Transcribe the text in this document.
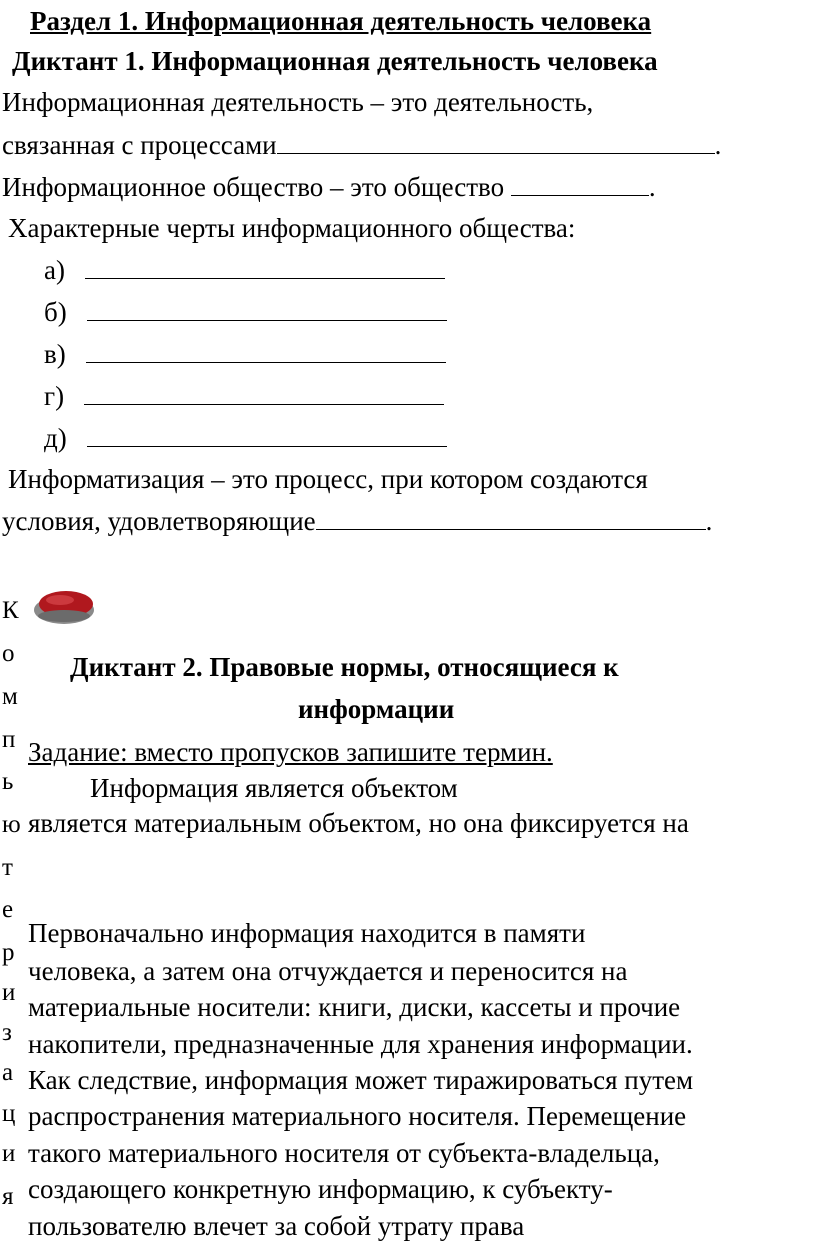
Раздел 1. Информационная деятельность человека
Диктант 1. Информационная деятельность человека
Информационная деятельность – это деятельность,
связанная с процессами	.
Информационное общество – это общество	.
Характерные черты информационного общества:
а)
б)
в)
г)
д)
Информатизация – это процесс, при котором создаются
условия, удовлетворяющие	.
К
о
м
п
ь
ю
т
е
р
и
з
а
ц
и
я
Диктант 2. Правовые нормы, относящиеся к
информации
Задание: вместо пропусков запишите термин.
Информация является объектом
является материальным объектом, но она фиксируется на
Первоначально информация находится в памяти
человека, а затем она отчуждается и переносится на
материальные носители: книги, диски, кассеты и прочие
накопители, предназначенные для хранения информации.
Как следствие, информация может тиражироваться путем
распространения материального носителя. Перемещение
такого материального носителя от субъекта-владельца,
создающего конкретную информацию, к субъекту-
пользователю влечет за собой утрату права
